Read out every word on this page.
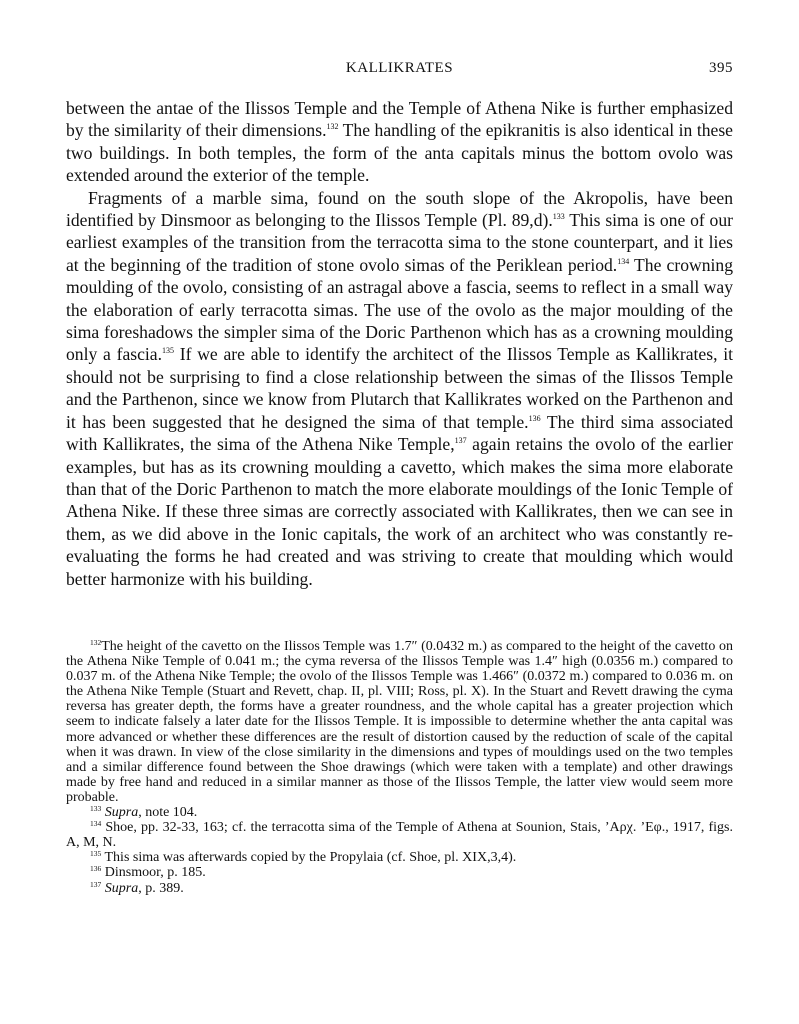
KALLIKRATES	395

between the antae of the Ilissos Temple and the Temple of Athena Nike is further emphasized by the similarity of their dimensions.$^{132}$ The handling of the epikranitis is also identical in these two buildings. In both temples, the form of the anta capitals minus the bottom ovolo was extended around the exterior of the temple.

Fragments of a marble sima, found on the south slope of the Akropolis, have been identified by Dinsmoor as belonging to the Ilissos Temple (Pl. 89,d).$^{133}$ This sima is one of our earliest examples of the transition from the terracotta sima to the stone counterpart, and it lies at the beginning of the tradition of stone ovolo simas of the Periklean period.$^{134}$ The crowning moulding of the ovolo, consisting of an astragal above a fascia, seems to reflect in a small way the elaboration of early terracotta simas. The use of the ovolo as the major moulding of the sima foreshadows the simpler sima of the Doric Parthenon which has as a crowning moulding only a fascia.$^{135}$ If we are able to identify the architect of the Ilissos Temple as Kallikrates, it should not be surprising to find a close relationship between the simas of the Ilissos Temple and the Parthenon, since we know from Plutarch that Kallikrates worked on the Parthenon and it has been suggested that he designed the sima of that temple.$^{136}$ The third sima associated with Kallikrates, the sima of the Athena Nike Temple,$^{137}$ again retains the ovolo of the earlier examples, but has as its crowning moulding a cavetto, which makes the sima more elaborate than that of the Doric Parthenon to match the more elaborate mouldings of the Ionic Temple of Athena Nike. If these three simas are correctly associated with Kallikrates, then we can see in them, as we did above in the Ionic capitals, the work of an architect who was constantly re-evaluating the forms he had created and was striving to create that moulding which would better harmonize with his building.

$^{132}$The height of the cavetto on the Ilissos Temple was 1.7″ (0.0432 m.) as compared to the height of the cavetto on the Athena Nike Temple of 0.041 m.; the cyma reversa of the Ilissos Temple was 1.4″ high (0.0356 m.) compared to 0.037 m. of the Athena Nike Temple; the ovolo of the Ilissos Temple was 1.466″ (0.0372 m.) compared to 0.036 m. on the Athena Nike Temple (Stuart and Revett, chap. II, pl. VIII; Ross, pl. X). In the Stuart and Revett drawing the cyma reversa has greater depth, the forms have a greater roundness, and the whole capital has a greater projection which seem to indicate falsely a later date for the Ilissos Temple. It is impossible to determine whether the anta capital was more advanced or whether these differences are the result of distortion caused by the reduction of scale of the capital when it was drawn. In view of the close similarity in the dimensions and types of mouldings used on the two temples and a similar difference found between the Shoe drawings (which were taken with a template) and other drawings made by free hand and reduced in a similar manner as those of the Ilissos Temple, the latter view would seem more probable.

$^{133}$ Supra, note 104.

$^{134}$ Shoe, pp. 32-33, 163; cf. the terracotta sima of the Temple of Athena at Sounion, Stais, ’Αρχ. ’Εφ., 1917, figs. A, M, N.

$^{135}$ This sima was afterwards copied by the Propylaia (cf. Shoe, pl. XIX,3,4).

$^{136}$ Dinsmoor, p. 185.

$^{137}$ Supra, p. 389.
